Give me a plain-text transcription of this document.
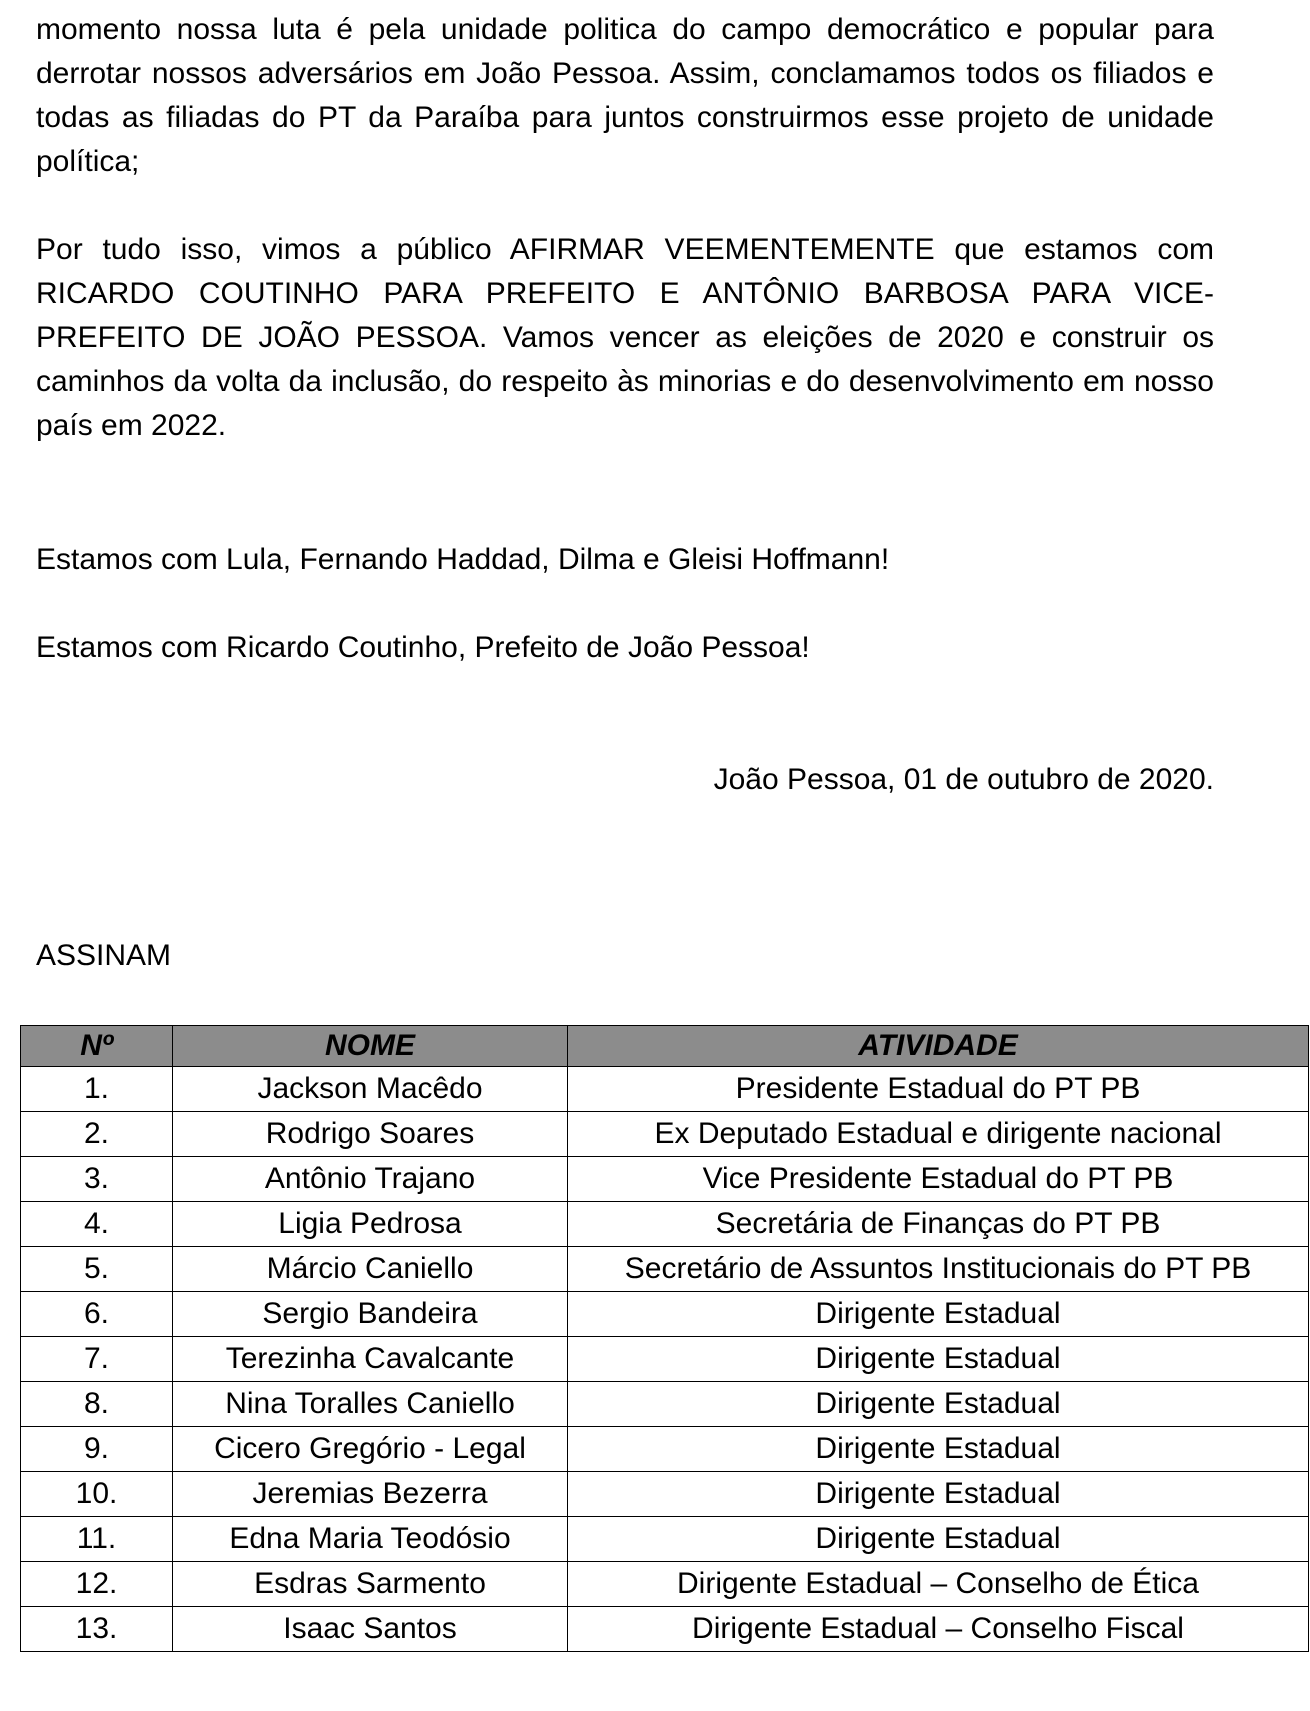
momento nossa luta é pela unidade politica do campo democrático e popular para derrotar nossos adversários em João Pessoa. Assim, conclamamos todos os filiados e todas as filiadas do PT da Paraíba para juntos construirmos esse projeto de unidade política;

Por tudo isso, vimos a público AFIRMAR VEEMENTEMENTE que estamos com RICARDO COUTINHO PARA PREFEITO E ANTÔNIO BARBOSA PARA VICE-PREFEITO DE JOÃO PESSOA. Vamos vencer as eleições de 2020 e construir os caminhos da volta da inclusão, do respeito às minorias e do desenvolvimento em nosso país em 2022.

Estamos com Lula, Fernando Haddad, Dilma e Gleisi Hoffmann!

Estamos com Ricardo Coutinho, Prefeito de João Pessoa!

João Pessoa, 01 de outubro de 2020.

ASSINAM

Nº	NOME	ATIVIDADE
1.	Jackson Macêdo	Presidente Estadual do PT PB
2.	Rodrigo Soares	Ex Deputado Estadual e dirigente nacional
3.	Antônio Trajano	Vice Presidente Estadual do PT PB
4.	Ligia Pedrosa	Secretária de Finanças do PT PB
5.	Márcio Caniello	Secretário de Assuntos Institucionais do PT PB
6.	Sergio Bandeira	Dirigente Estadual
7.	Terezinha Cavalcante	Dirigente Estadual
8.	Nina Toralles Caniello	Dirigente Estadual
9.	Cicero Gregório - Legal	Dirigente Estadual
10.	Jeremias Bezerra	Dirigente Estadual
11.	Edna Maria Teodósio	Dirigente Estadual
12.	Esdras Sarmento	Dirigente Estadual – Conselho de Ética
13.	Isaac Santos	Dirigente Estadual – Conselho Fiscal
